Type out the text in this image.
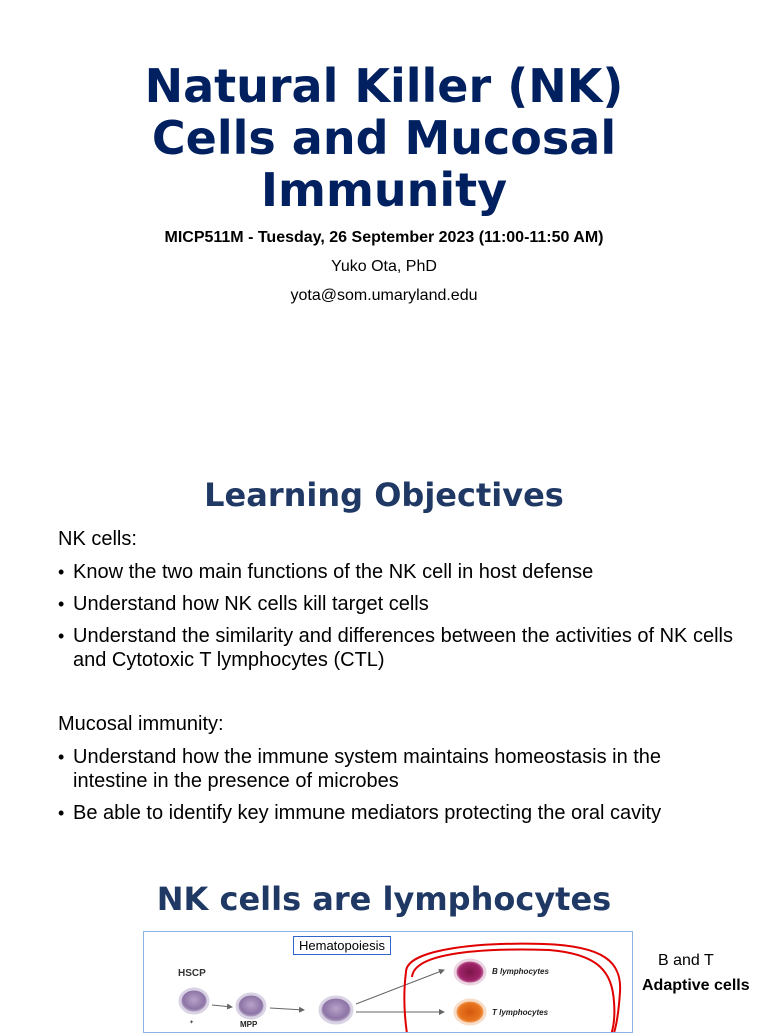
Natural Killer (NK)
Cells and Mucosal
Immunity
MICP511M - Tuesday, 26 September 2023 (11:00-11:50 AM)
Yuko Ota, PhD
yota@som.umaryland.edu
Learning Objectives
NK cells:
• Know the two main functions of the NK cell in host defense
• Understand how NK cells kill target cells
• Understand the similarity and differences between the activities of NK cells and Cytotoxic T lymphocytes (CTL)
Mucosal immunity:
• Understand how the immune system maintains homeostasis in the intestine in the presence of microbes
• Be able to identify key immune mediators protecting the oral cavity
NK cells are lymphocytes
Hematopoiesis
HSCP
✦
B lymphocytes
T lymphocytes
MPP
B and T
Adaptive cells
